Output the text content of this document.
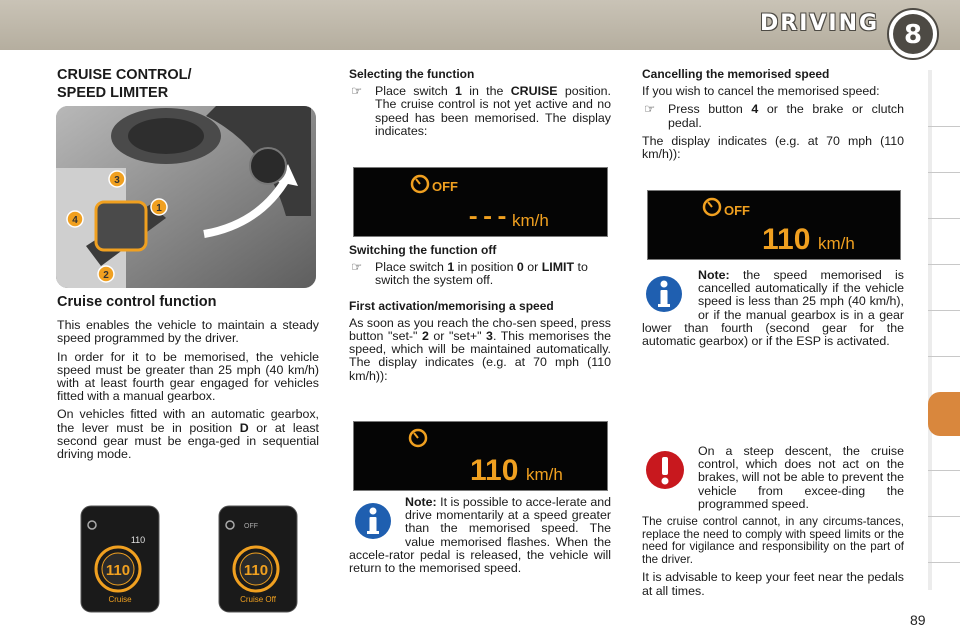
DRIVING 8
CRUISE CONTROL/
SPEED LIMITER
3
1
4
2
Cruise control function

This enables the vehicle to maintain a steady speed programmed by the driver.

In order for it to be memorised, the vehicle speed must be greater than 25 mph (40 km/h) with at least fourth gear engaged for vehicles fitted with a manual gearbox.

On vehicles fitted with an automatic gearbox, the lever must be in position D or at least second gear must be enga-ged in sequential driving mode.

110
110
Cruise
OFF
110
Cruise Off
Selecting the function
☞	Place switch 1 in the CRUISE position. The cruise control is not yet active and no speed has been memorised. The display indicates:
OFF
--- km/h
Switching the function off
☞	Place switch 1 in position 0 or LIMIT to switch the system off.
First activation/memorising a speed

As soon as you reach the cho-sen speed, press button "set-" 2 or "set+" 3. This memorises the speed, which will be maintained automatically. The display indicates (e.g. at 70 mph (110 km/h)):

110 km/h
Note: It is possible to acce-lerate and drive momentarily at a speed greater than the memorised speed. The value memorised flashes. When the accele-rator pedal is released, the vehicle will return to the memorised speed.
Cancelling the memorised speed

If you wish to cancel the memorised speed:

☞	Press button 4 or the brake or clutch pedal.

The display indicates (e.g. at 70 mph (110 km/h)):

OFF
110 km/h
Note: the speed memorised is cancelled automatically if the vehicle speed is less than 25 mph (40 km/h), or if the manual gearbox is in a gear lower than fourth (second gear for the automatic gearbox) or if the ESP is activated.
On a steep descent, the cruise control, which does not act on the brakes, will not be able to prevent the vehicle from excee-ding the programmed speed.

The cruise control cannot, in any circums-tances, replace the need to comply with speed limits or the need for vigilance and responsibility on the part of the driver.

It is advisable to keep your feet near the pedals at all times.

89
